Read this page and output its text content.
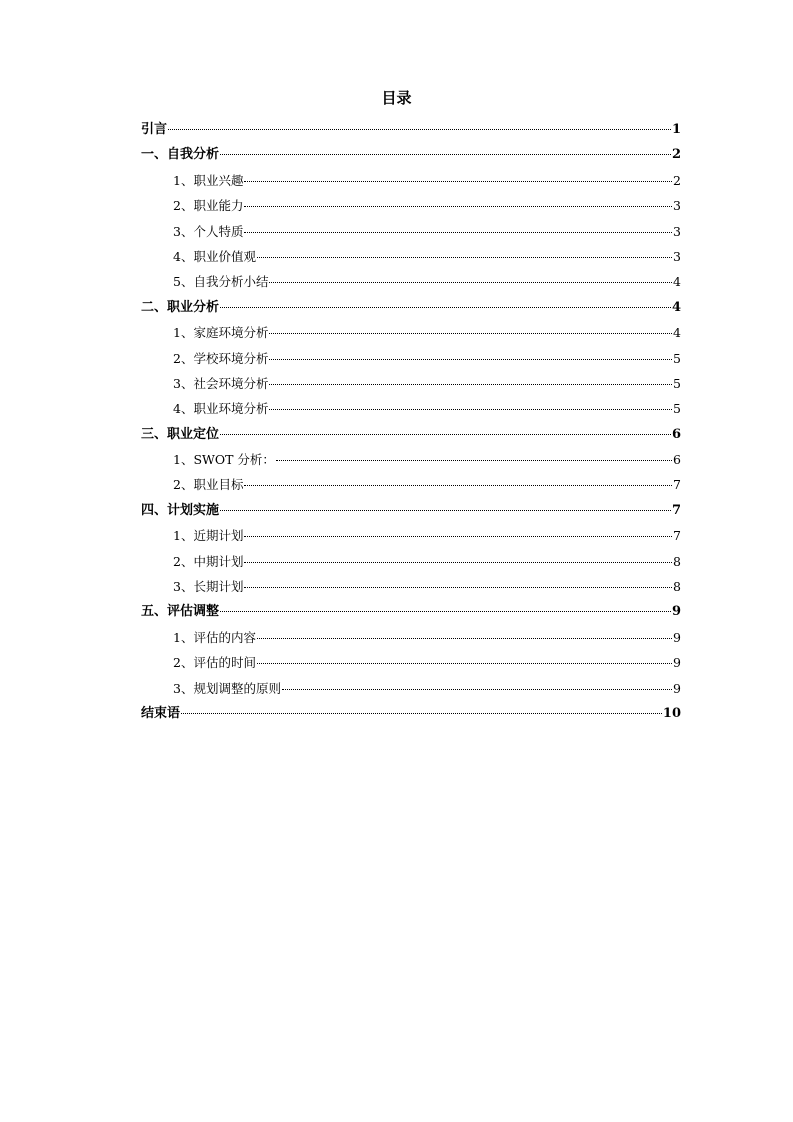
目录
引言	1
一、自我分析	2
1、职业兴趣	2
2、职业能力	3
3、个人特质	3
4、职业价值观	3
5、自我分析小结	4
二、职业分析	4
1、家庭环境分析	4
2、学校环境分析	5
3、社会环境分析	5
4、职业环境分析	5
三、职业定位	6
1、SWOT 分析：	6
2、职业目标	7
四、计划实施	7
1、近期计划	7
2、中期计划	8
3、长期计划	8
五、评估调整	9
1、评估的内容	9
2、评估的时间	9
3、规划调整的原则	9
结束语	10
